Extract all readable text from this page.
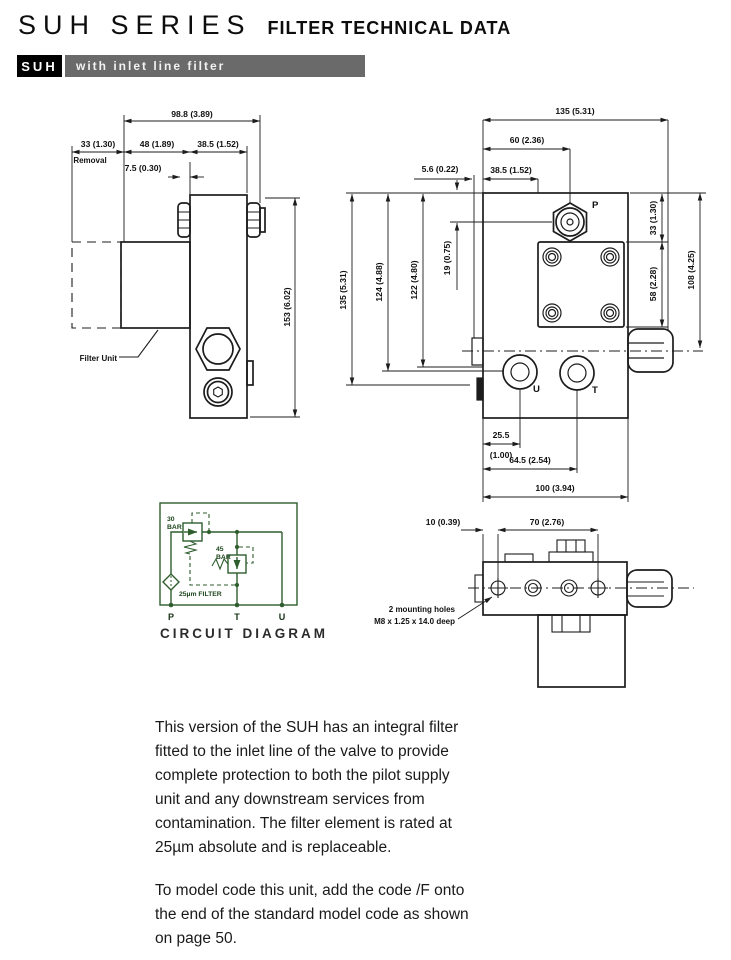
SUH SERIES FILTER TECHNICAL DATA
SUH	with inlet line filter
98.8 (3.89)
33 (1.30)
Removal
48 (1.89)	38.5 (1.52)
7.5 (0.30)
153 (6.02)
Filter Unit
135 (5.31)
60 (2.36)
5.6 (0.22)	38.5 (1.52)
19 (0.75)
135 (5.31)	124 (4.88)	122 (4.80)
33 (1.30)
58 (2.28)	108 (4.25)
25.5
(1.00)
64.5 (2.54)
100 (3.94)
P
U	T
10 (0.39)	70 (2.76)
2 mounting holes
M8 x 1.25 x 14.0 deep
30
BAR
45
BAR
25µm FILTER
P	T	U
CIRCUIT DIAGRAM

This version of the SUH has an integral filter fitted to the inlet line of the valve to provide complete protection to both the pilot supply unit and any downstream services from contamination. The filter element is rated at 25µm absolute and is replaceable.

To model code this unit, add the code /F onto the end of the standard model code as shown on page 50.
